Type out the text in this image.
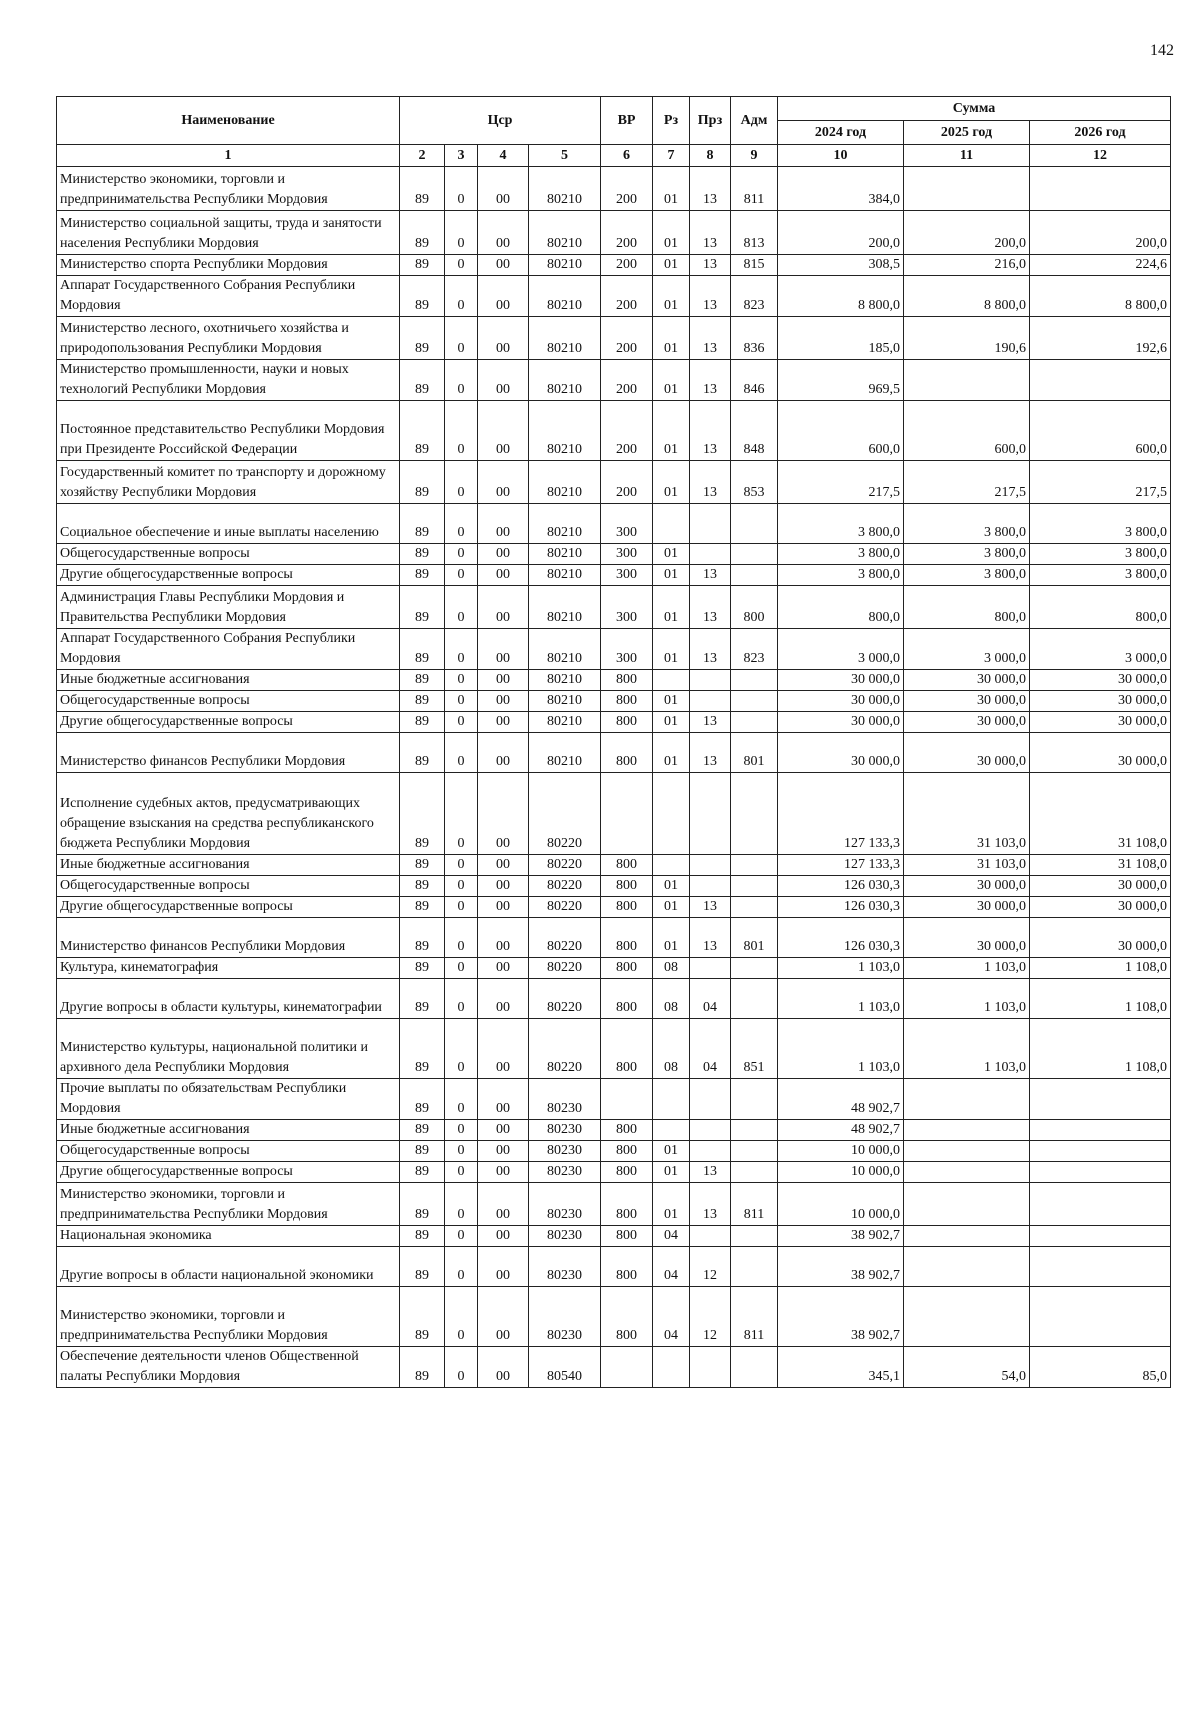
142
Наименование	Цср				ВР	Рз	Прз	Адм	Сумма		
									2024 год	2025 год	2026 год
1	2	3	4	5	6	7	8	9	10	11	12
Министерство экономики, торговли и предпринимательства Республики Мордовия	89	0	00	80210	200	01	13	811	384,0		
Министерство социальной защиты, труда и занятости населения Республики Мордовия	89	0	00	80210	200	01	13	813	200,0	200,0	200,0
Министерство спорта Республики Мордовия	89	0	00	80210	200	01	13	815	308,5	216,0	224,6
Аппарат Государственного Собрания Республики Мордовия	89	0	00	80210	200	01	13	823	8 800,0	8 800,0	8 800,0
Министерство лесного, охотничьего хозяйства и природопользования Республики Мордовия	89	0	00	80210	200	01	13	836	185,0	190,6	192,6
Министерство промышленности, науки и новых технологий Республики Мордовия	89	0	00	80210	200	01	13	846	969,5		
Постоянное представительство Республики Мордовия при Президенте Российской Федерации	89	0	00	80210	200	01	13	848	600,0	600,0	600,0
Государственный комитет по транспорту и дорожному хозяйству Республики Мордовия	89	0	00	80210	200	01	13	853	217,5	217,5	217,5
Социальное обеспечение и иные выплаты населению	89	0	00	80210	300				3 800,0	3 800,0	3 800,0
Общегосударственные вопросы	89	0	00	80210	300	01			3 800,0	3 800,0	3 800,0
Другие общегосударственные вопросы	89	0	00	80210	300	01	13		3 800,0	3 800,0	3 800,0
Администрация Главы Республики Мордовия и Правительства Республики Мордовия	89	0	00	80210	300	01	13	800	800,0	800,0	800,0
Аппарат Государственного Собрания Республики Мордовия	89	0	00	80210	300	01	13	823	3 000,0	3 000,0	3 000,0
Иные бюджетные ассигнования	89	0	00	80210	800				30 000,0	30 000,0	30 000,0
Общегосударственные вопросы	89	0	00	80210	800	01			30 000,0	30 000,0	30 000,0
Другие общегосударственные вопросы	89	0	00	80210	800	01	13		30 000,0	30 000,0	30 000,0
Министерство финансов Республики Мордовия	89	0	00	80210	800	01	13	801	30 000,0	30 000,0	30 000,0
Исполнение судебных актов, предусматривающих обращение взыскания на средства республиканского бюджета Республики Мордовия	89	0	00	80220					127 133,3	31 103,0	31 108,0
Иные бюджетные ассигнования	89	0	00	80220	800				127 133,3	31 103,0	31 108,0
Общегосударственные вопросы	89	0	00	80220	800	01			126 030,3	30 000,0	30 000,0
Другие общегосударственные вопросы	89	0	00	80220	800	01	13		126 030,3	30 000,0	30 000,0
Министерство финансов Республики Мордовия	89	0	00	80220	800	01	13	801	126 030,3	30 000,0	30 000,0
Культура, кинематография	89	0	00	80220	800	08			1 103,0	1 103,0	1 108,0
Другие вопросы в области культуры, кинематографии	89	0	00	80220	800	08	04		1 103,0	1 103,0	1 108,0
Министерство культуры, национальной политики и архивного дела Республики Мордовия	89	0	00	80220	800	08	04	851	1 103,0	1 103,0	1 108,0
Прочие выплаты по обязательствам Республики Мордовия	89	0	00	80230					48 902,7		
Иные бюджетные ассигнования	89	0	00	80230	800				48 902,7		
Общегосударственные вопросы	89	0	00	80230	800	01			10 000,0		
Другие общегосударственные вопросы	89	0	00	80230	800	01	13		10 000,0		
Министерство экономики, торговли и предпринимательства Республики Мордовия	89	0	00	80230	800	01	13	811	10 000,0		
Национальная экономика	89	0	00	80230	800	04			38 902,7		
Другие вопросы в области национальной экономики	89	0	00	80230	800	04	12		38 902,7		
Министерство экономики, торговли и предпринимательства Республики Мордовия	89	0	00	80230	800	04	12	811	38 902,7		
Обеспечение деятельности членов Общественной палаты Республики Мордовия	89	0	00	80540					345,1	54,0	85,0
